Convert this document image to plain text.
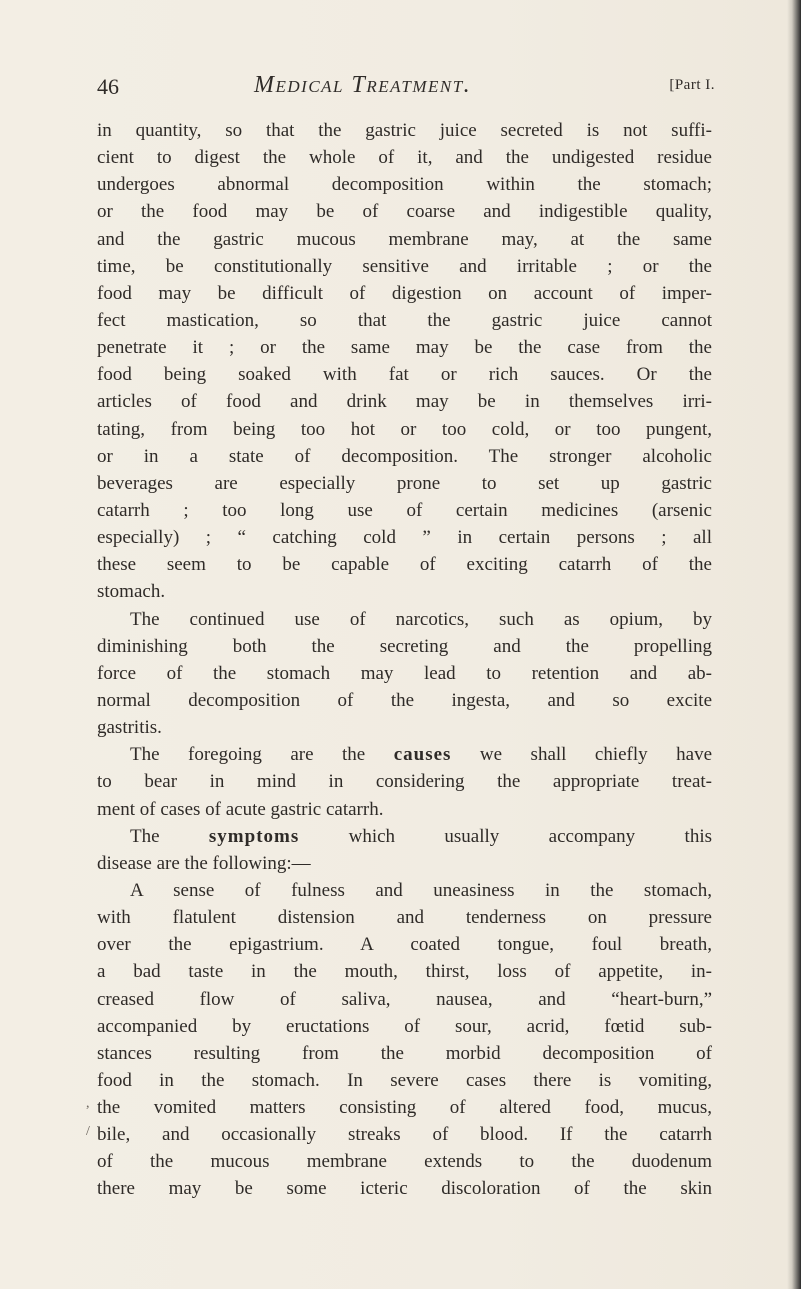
46	Medical Treatment.	[Part I.
,
/
in quantity, so that the gastric juice secreted is not suffi-
cient to digest the whole of it, and the undigested residue
undergoes abnormal decomposition within the stomach;
or the food may be of coarse and indigestible quality,
and the gastric mucous membrane may, at the same
time, be constitutionally sensitive and irritable ; or the
food may be difficult of digestion on account of imper-
fect mastication, so that the gastric juice cannot
penetrate it ; or the same may be the case from the
food being soaked with fat or rich sauces. Or the
articles of food and drink may be in themselves irri-
tating, from being too hot or too cold, or too pungent,
or in a state of decomposition. The stronger alcoholic
beverages are especially prone to set up gastric
catarrh ; too long use of certain medicines (arsenic
especially) ; “ catching cold ” in certain persons ; all
these seem to be capable of exciting catarrh of the
stomach.
The continued use of narcotics, such as opium, by
diminishing both the secreting and the propelling
force of the stomach may lead to retention and ab-
normal decomposition of the ingesta, and so excite
gastritis.
The foregoing are the causes we shall chiefly have
to bear in mind in considering the appropriate treat-
ment of cases of acute gastric catarrh.
The symptoms which usually accompany this
disease are the following:—
A sense of fulness and uneasiness in the stomach,
with flatulent distension and tenderness on pressure
over the epigastrium. A coated tongue, foul breath,
a bad taste in the mouth, thirst, loss of appetite, in-
creased flow of saliva, nausea, and “heart-burn,”
accompanied by eructations of sour, acrid, fœtid sub-
stances resulting from the morbid decomposition of
food in the stomach. In severe cases there is vomiting,
the vomited matters consisting of altered food, mucus,
bile, and occasionally streaks of blood. If the catarrh
of the mucous membrane extends to the duodenum
there may be some icteric discoloration of the skin
